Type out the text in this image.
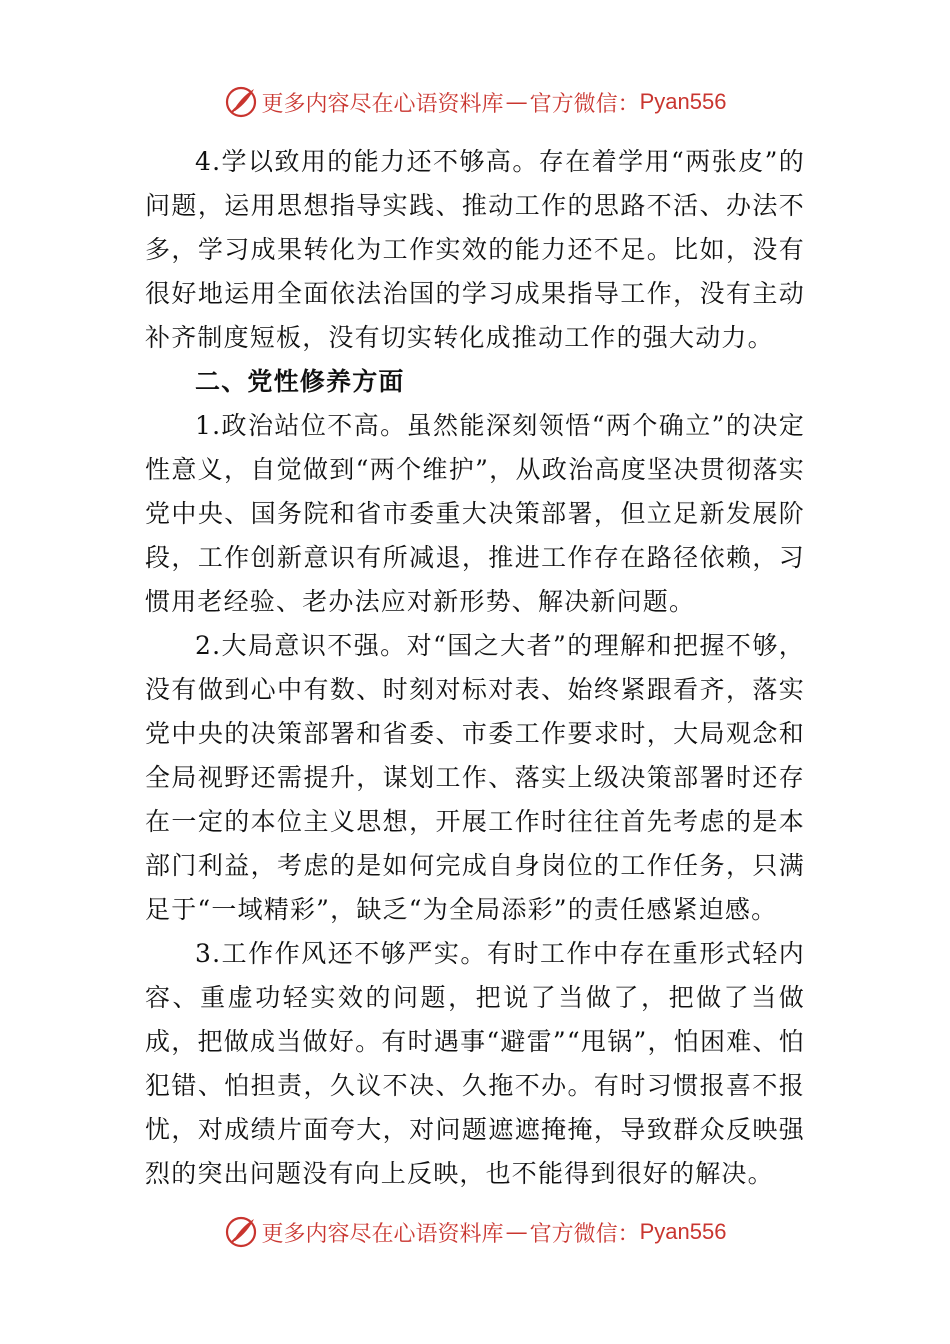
更多内容尽在心语资料库 — 官方微信： Pyan556

4.学以致用的能力还不够高。存在着学用“两张皮”的问题，运用思想指导实践、推动工作的思路不活、办法不多，学习成果转化为工作实效的能力还不足。比如，没有很好地运用全面依法治国的学习成果指导工作，没有主动补齐制度短板，没有切实转化成推动工作的强大动力。

二、党性修养方面

1.政治站位不高。虽然能深刻领悟“两个确立”的决定性意义，自觉做到“两个维护”，从政治高度坚决贯彻落实党中央、国务院和省市委重大决策部署，但立足新发展阶段，工作创新意识有所减退，推进工作存在路径依赖，习惯用老经验、老办法应对新形势、解决新问题。

2.大局意识不强。对“国之大者”的理解和把握不够，没有做到心中有数、时刻对标对表、始终紧跟看齐，落实党中央的决策部署和省委、市委工作要求时，大局观念和全局视野还需提升，谋划工作、落实上级决策部署时还存在一定的本位主义思想，开展工作时往往首先考虑的是本部门利益，考虑的是如何完成自身岗位的工作任务，只满足于“一域精彩”，缺乏“为全局添彩”的责任感紧迫感。

3.工作作风还不够严实。有时工作中存在重形式轻内容、重虚功轻实效的问题，把说了当做了，把做了当做成，把做成当做好。有时遇事“避雷”“甩锅”，怕困难、怕犯错、怕担责，久议不决、久拖不办。有时习惯报喜不报忧，对成绩片面夸大，对问题遮遮掩掩，导致群众反映强烈的突出问题没有向上反映，也不能得到很好的解决。

更多内容尽在心语资料库 — 官方微信： Pyan556
